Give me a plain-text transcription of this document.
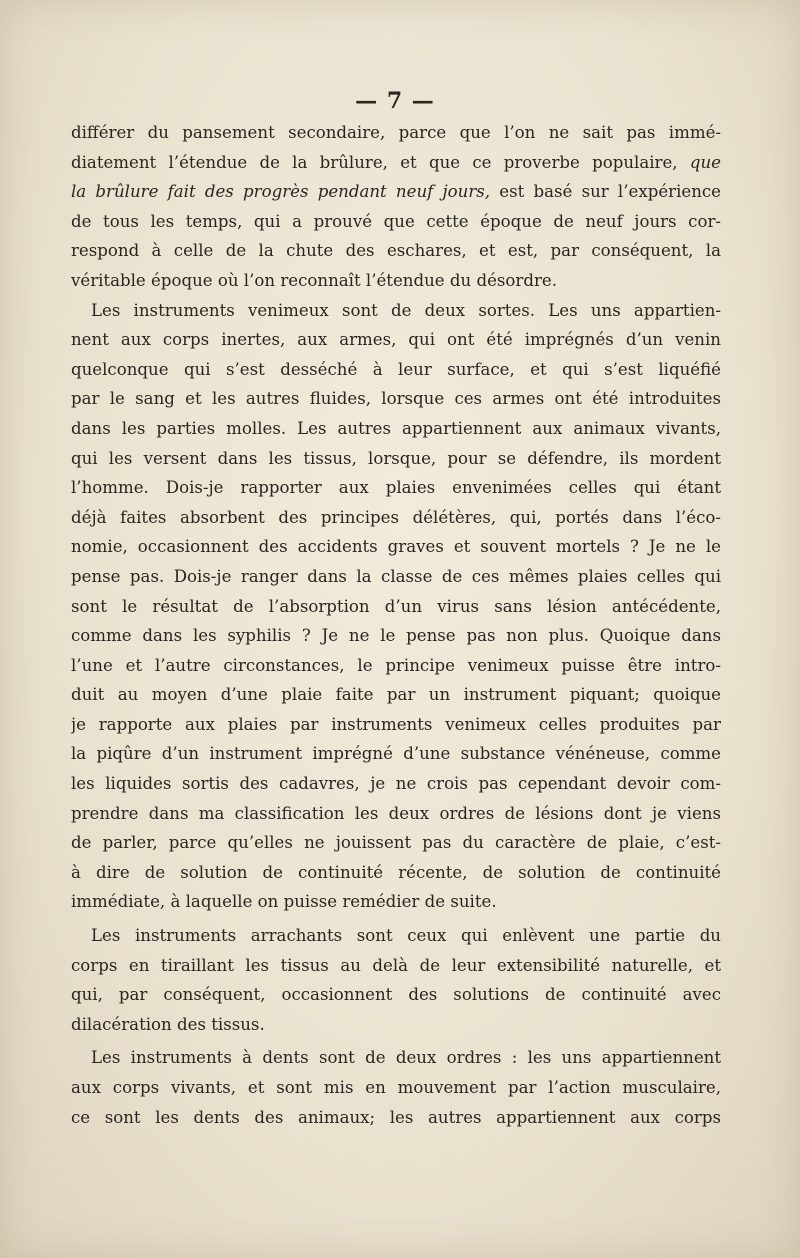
— 7 —
différer du pansement secondaire, parce que l’on ne sait pas immé-
diatement l’étendue de la brûlure, et que ce proverbe populaire, que
la brûlure fait des progrès pendant neuf jours, est basé sur l’expérience
de tous les temps, qui a prouvé que cette époque de neuf jours cor-
respond à celle de la chute des eschares, et est, par conséquent, la
véritable époque où l’on reconnaît l’étendue du désordre.
Les instruments venimeux sont de deux sortes. Les uns appartien-
nent aux corps inertes, aux armes, qui ont été imprégnés d’un venin
quelconque qui s’est desséché à leur surface, et qui s’est liquéfié
par le sang et les autres fluides, lorsque ces armes ont été introduites
dans les parties molles. Les autres appartiennent aux animaux vivants,
qui les versent dans les tissus, lorsque, pour se défendre, ils mordent
l’homme. Dois-je rapporter aux plaies envenimées celles qui étant
déjà faites absorbent des principes délétères, qui, portés dans l’éco-
nomie, occasionnent des accidents graves et souvent mortels ? Je ne le
pense pas. Dois-je ranger dans la classe de ces mêmes plaies celles qui
sont le résultat de l’absorption d’un virus sans lésion antécédente,
comme dans les syphilis ? Je ne le pense pas non plus. Quoique dans
l’une et l’autre circonstances, le principe venimeux puisse être intro-
duit au moyen d’une plaie faite par un instrument piquant; quoique
je rapporte aux plaies par instruments venimeux celles produites par
la piqûre d’un instrument imprégné d’une substance vénéneuse, comme
les liquides sortis des cadavres, je ne crois pas cependant devoir com-
prendre dans ma classification les deux ordres de lésions dont je viens
de parler, parce qu’elles ne jouissent pas du caractère de plaie, c’est-
à dire de solution de continuité récente, de solution de continuité
immédiate, à laquelle on puisse remédier de suite.
Les instruments arrachants sont ceux qui enlèvent une partie du
corps en tiraillant les tissus au delà de leur extensibilité naturelle, et
qui, par conséquent, occasionnent des solutions de continuité avec
dilacération des tissus.
Les instruments à dents sont de deux ordres : les uns appartiennent
aux corps vivants, et sont mis en mouvement par l’action musculaire,
ce sont les dents des animaux; les autres appartiennent aux corps
